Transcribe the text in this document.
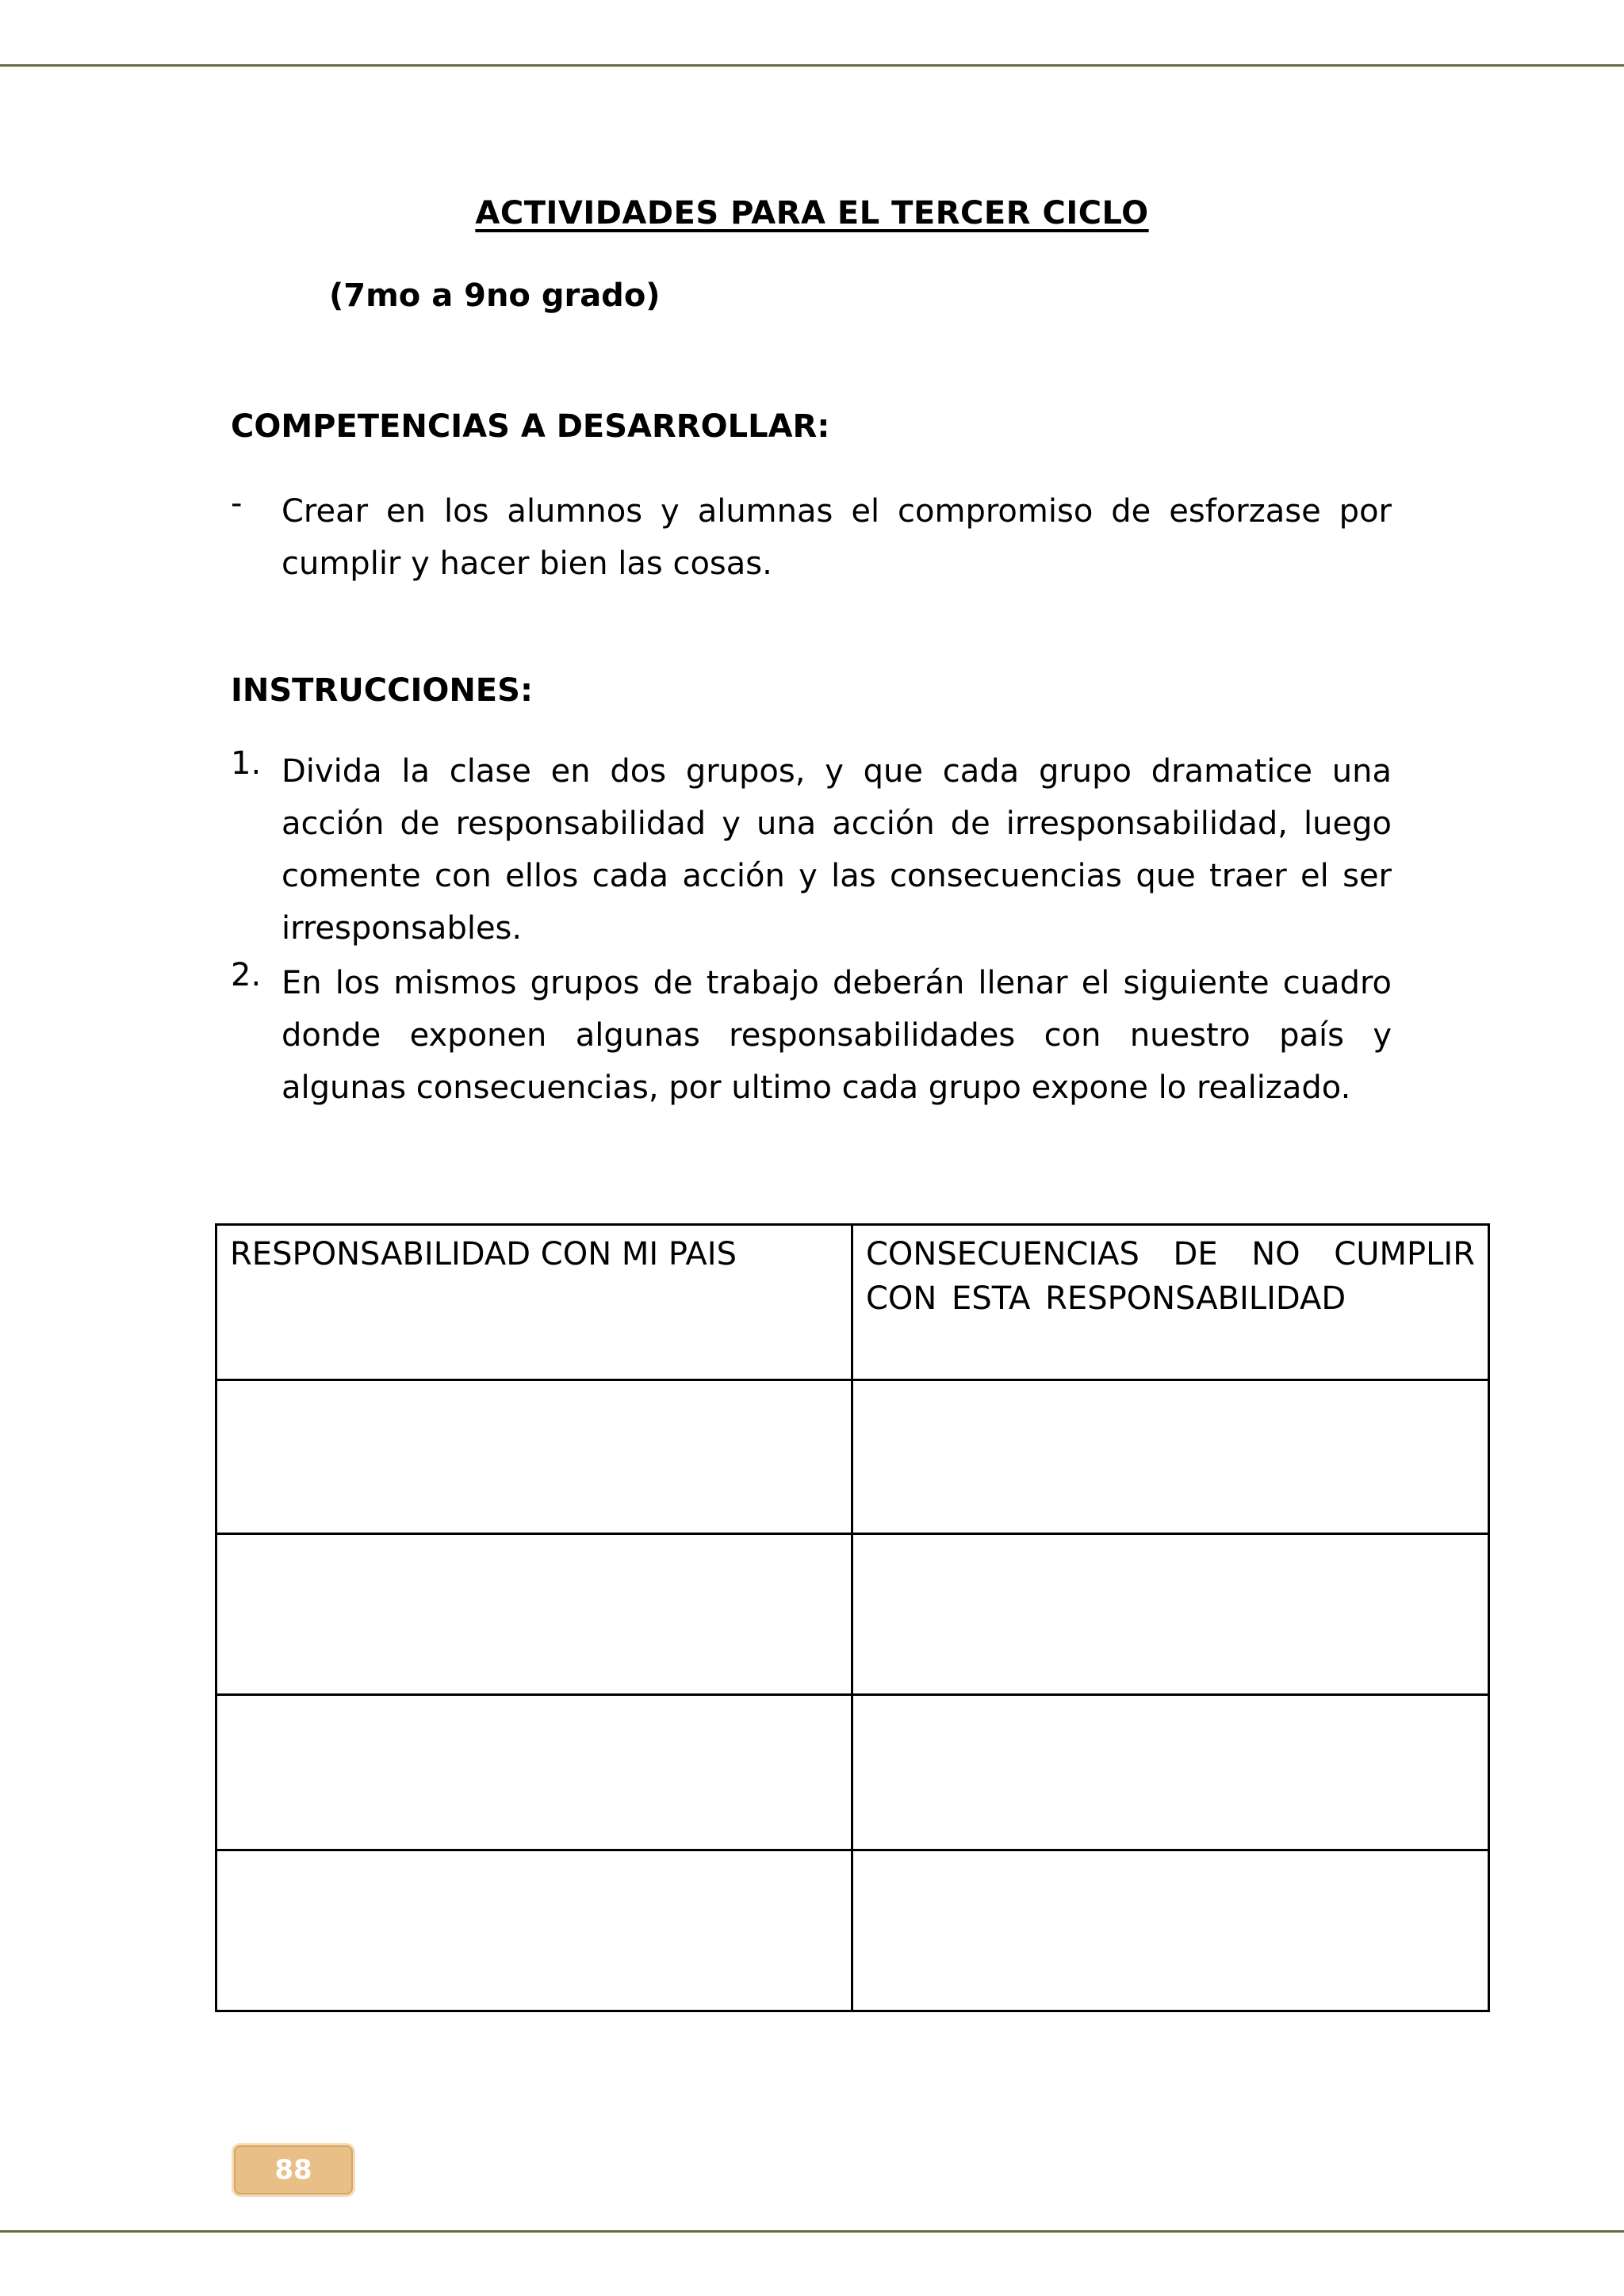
ACTIVIDADES PARA EL TERCER CICLO
(7mo a 9no grado)
COMPETENCIAS A DESARROLLAR:
- Crear en los alumnos y alumnas el compromiso de esforzase por cumplir y hacer bien las cosas.
INSTRUCCIONES:
1. Divida la clase en dos grupos, y que cada grupo dramatice una acción de responsabilidad y una acción de irresponsabilidad, luego comente con ellos cada acción y las consecuencias que traer el ser irresponsables.
2. En los mismos grupos de trabajo deberán llenar el siguiente cuadro donde exponen algunas responsabilidades con nuestro país y algunas consecuencias, por ultimo cada grupo expone lo realizado.
RESPONSABILIDAD CON MI PAIS	CONSECUENCIAS DE NO CUMPLIR CON ESTA RESPONSABILIDAD

88
